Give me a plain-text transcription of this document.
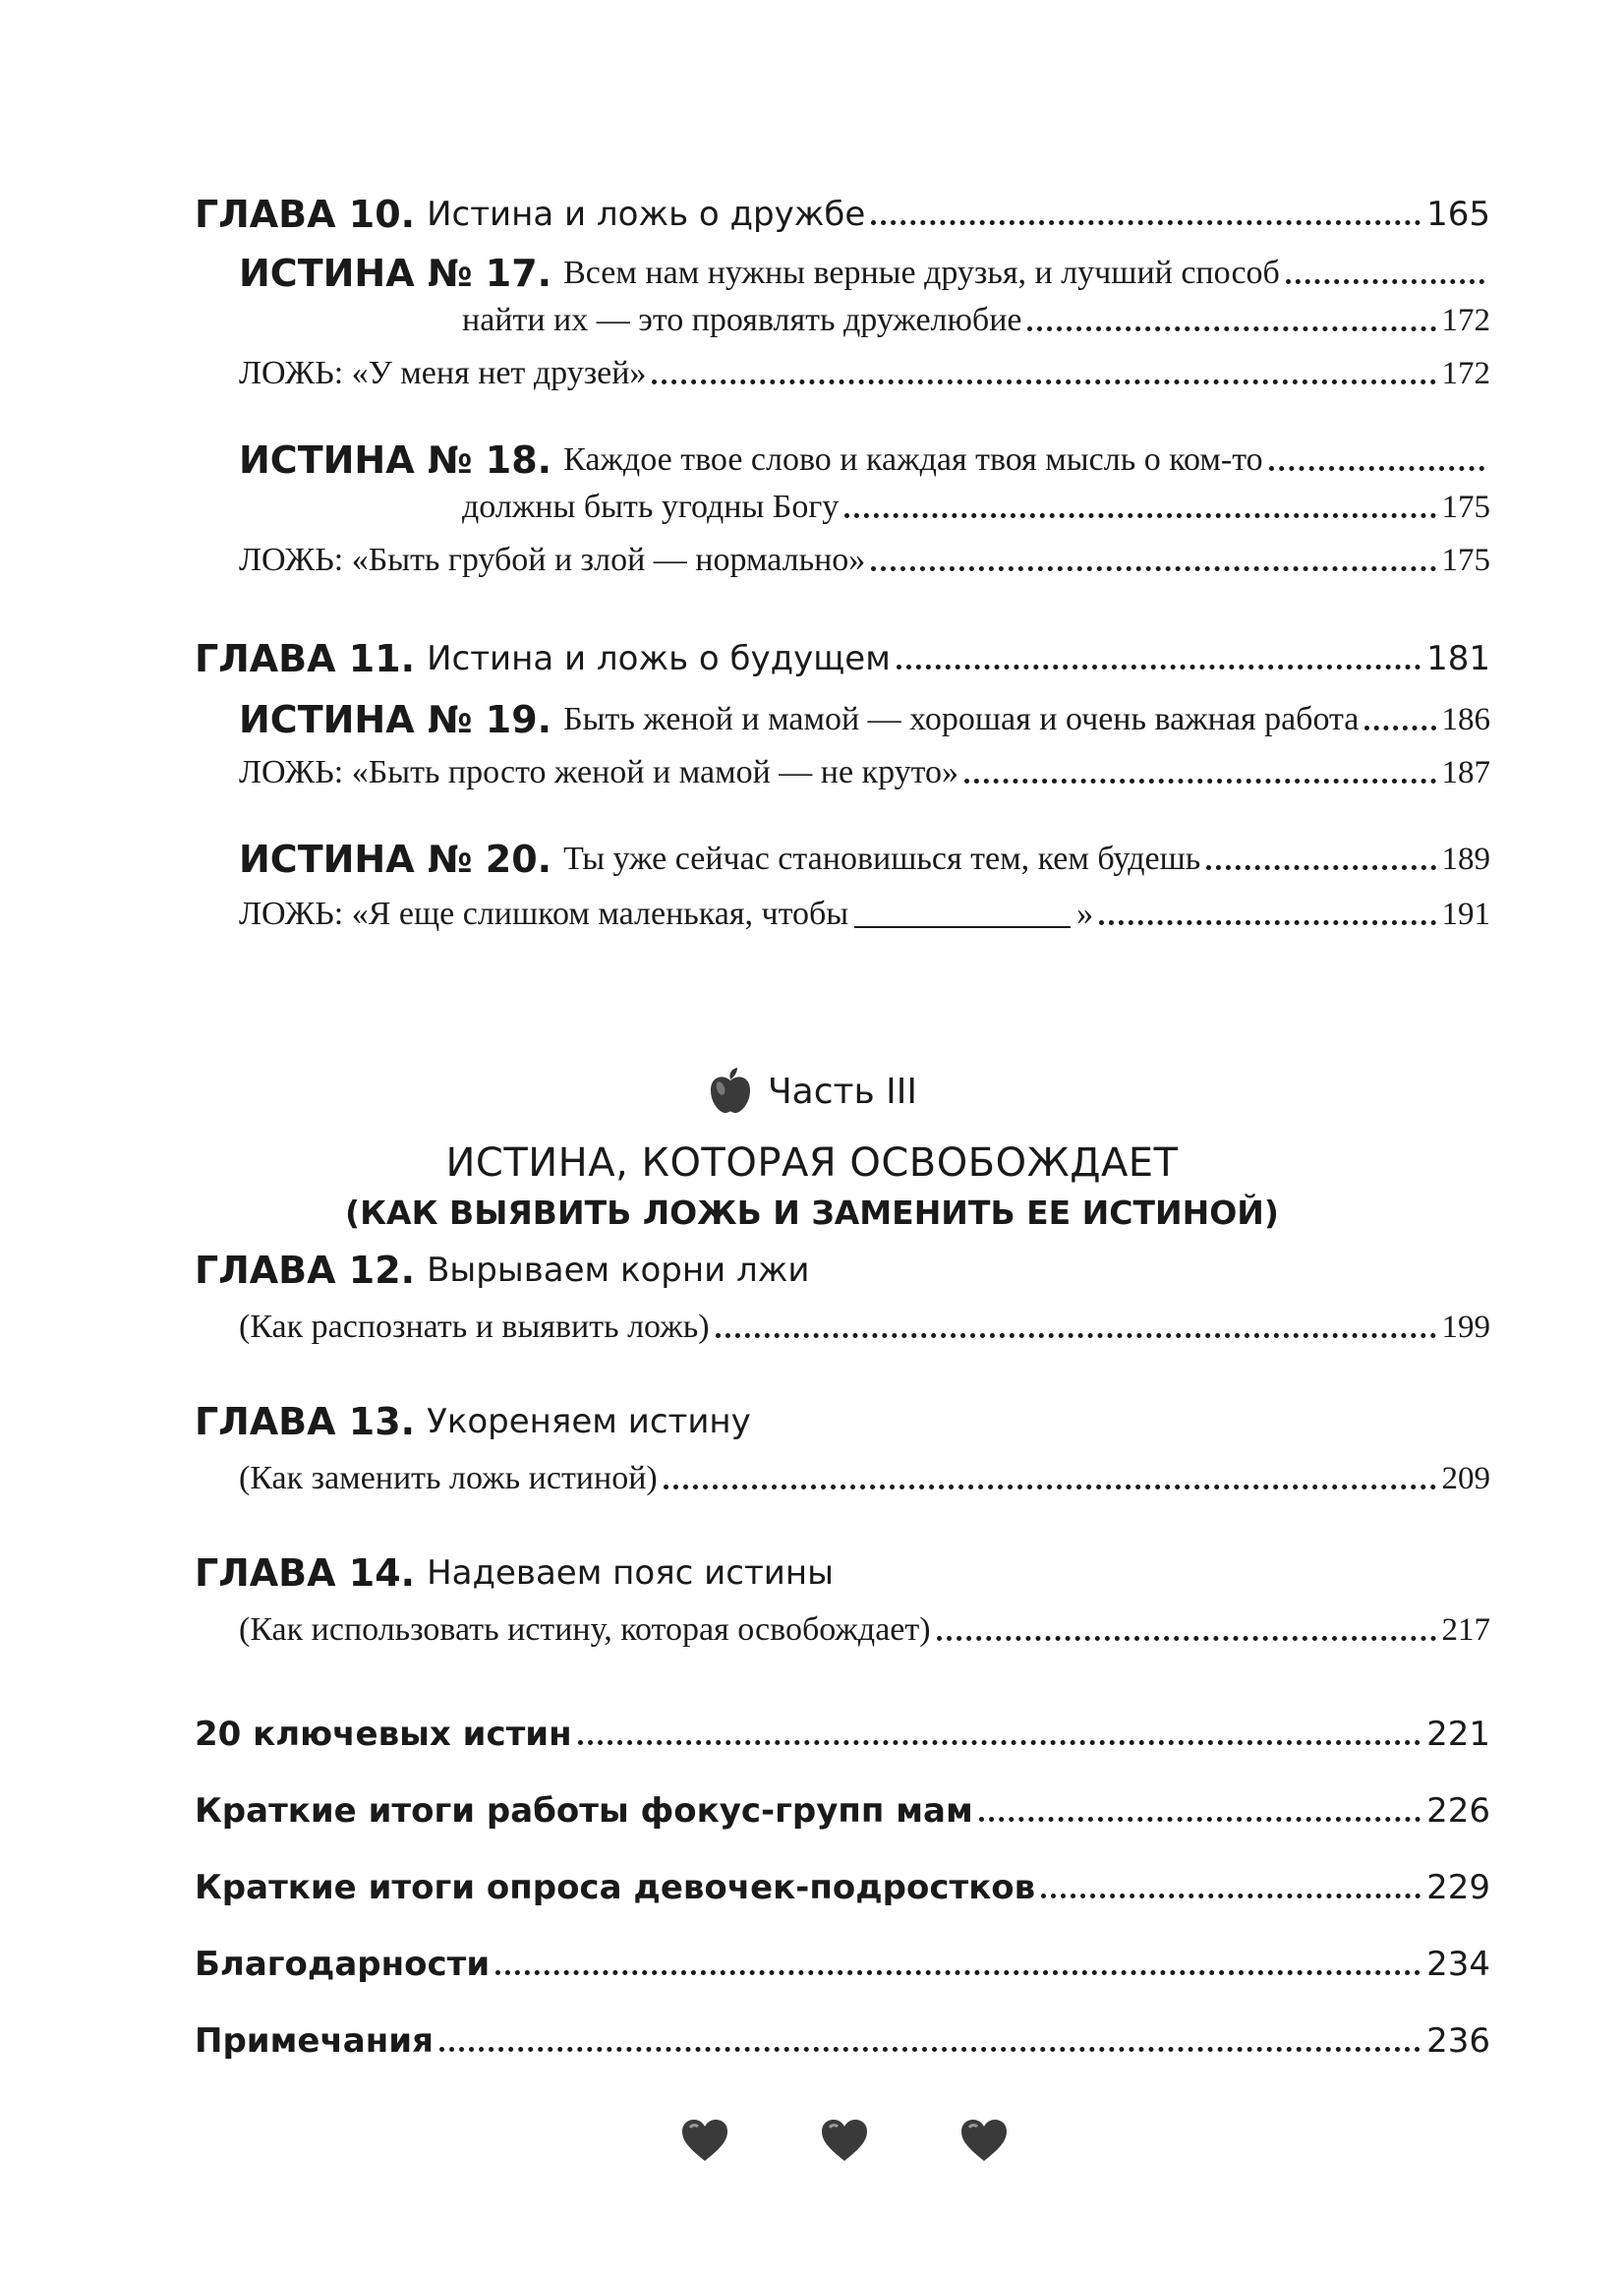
ГЛАВА 10. Истина и ложь о дружбе	165
ИСТИНА № 17. Всем нам нужны верные друзья, и лучший способ
найти их — это проявлять дружелюбие	172
ЛОЖЬ: «У меня нет друзей»	172
ИСТИНА № 18. Каждое твое слово и каждая твоя мысль о ком-то
должны быть угодны Богу	175
ЛОЖЬ: «Быть грубой и злой — нормально»	175
ГЛАВА 11. Истина и ложь о будущем	181
ИСТИНА № 19. Быть женой и мамой — хорошая и очень важная работа	186
ЛОЖЬ: «Быть просто женой и мамой — не круто»	187
ИСТИНА № 20. Ты уже сейчас становишься тем, кем будешь	189
ЛОЖЬ: «Я еще слишком маленькая, чтобы	»	191
Часть III
ИСТИНА, КОТОРАЯ ОСВОБОЖДАЕТ
(КАК ВЫЯВИТЬ ЛОЖЬ И ЗАМЕНИТЬ ЕЕ ИСТИНОЙ)
ГЛАВА 12. Вырываем корни лжи
(Как распознать и выявить ложь)	199
ГЛАВА 13. Укореняем истину
(Как заменить ложь истиной)	209
ГЛАВА 14. Надеваем пояс истины
(Как использовать истину, которая освобождает)	217
20 ключевых истин	221
Краткие итоги работы фокус-групп мам	226
Краткие итоги опроса девочек-подростков	229
Благодарности	234
Примечания	236
